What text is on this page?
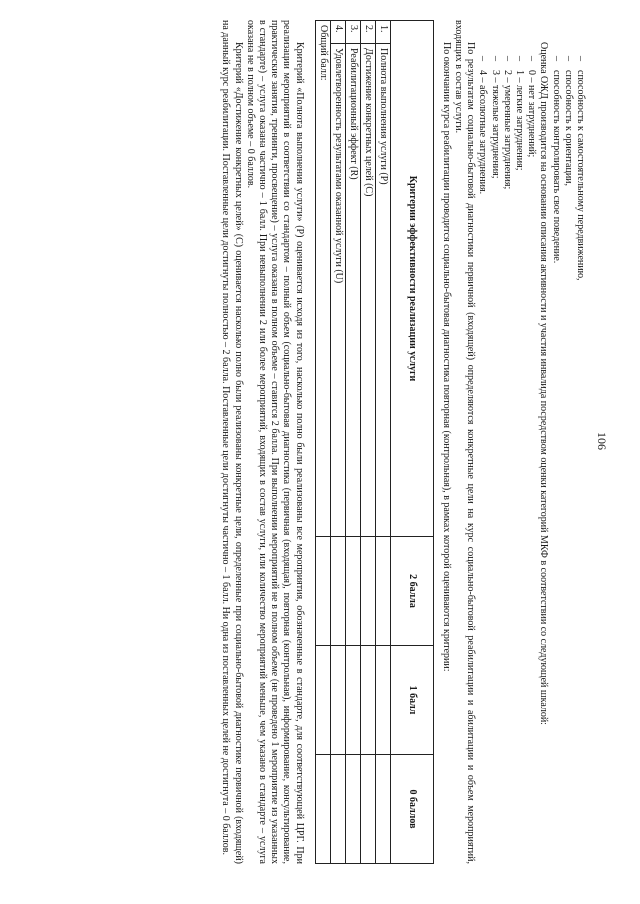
106
–способность к самостоятельному передвижению,
–способность к ориентации,
–способность контролировать свое поведение.

Оценка ОЖД производится на основании описания активности и участия инвалида посредством оценки категорий МКФ в соответствии со следующей шкалой:

–0 – нет затруднений;
–1 – легкие затруднения;
–2 – умеренные затруднения;
–3 – тяжелые затруднения;
–4 – абсолютные затруднения.

По результатам социально-бытовой диагностики первичной (входящей) определяются конкретные цели на курс социально-бытовой реабилитации и абилитации и объем мероприятий, входящих в состав услуги.

По окончании курса реабилитации проводится социально-бытовая диагностика повторная (контрольная), в рамках которой оцениваются критерии:

Критерии эффективности реализации услуги		2 балла	1 балл	0 баллов
1.	Полнота выполнения услуги (P)			
2.	Достижение конкретных целей (C)			
3.	Реабилитационный эффект (R)			
4.	Удовлетворенность результатами оказанной услуги (U)			
Общий балл:				

Критерий «Полнота выполнения услуги» (P) оценивается исходя из того, насколько полно были реализованы все мероприятия, обозначенные в стандарте, для соответствующей ЦРГ. При реализации мероприятий в соответствии со стандартом – полный объем (социально-бытовая диагностика (первичная (входящая), повторная (контрольная), информирование, консультирование, практические занятия, тренинги, просвещение) – услуга оказана в полном объеме – ставится 2 балла. При выполнении мероприятий не в полном объеме (не проведено 1 мероприятие из указанных в стандарте) – услуга оказана частично – 1 балл. При невыполнении 2 или более мероприятий, входящих в состав услуги, или количество мероприятий меньше, чем указано в стандарте – услуга оказана не в полном объеме – 0 баллов.

Критерий «Достижение конкретных целей» (C) оценивается насколько полно были реализованы конкретные цели, определенные при социально-бытовой диагностике первичной (входящей) на данный курс реабилитации. Поставленные цели достигнуты полностью – 2 балла. Поставленные цели достигнуты частично – 1 балл. Ни одна из поставленных целей не достигнута – 0 баллов.
